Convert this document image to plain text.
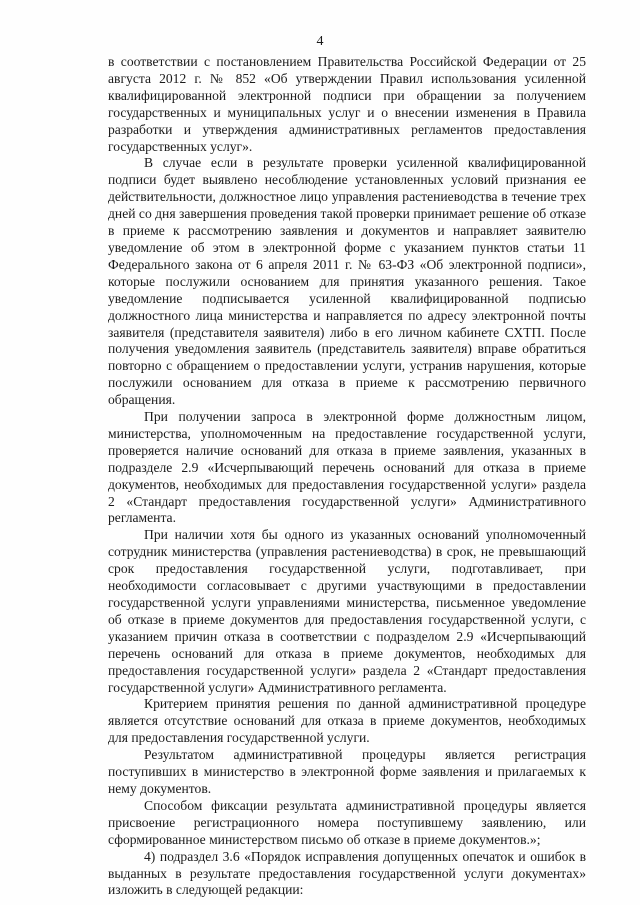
4

в соответствии с постановлением Правительства Российской Федерации от 25 августа 2012 г. № 852 «Об утверждении Правил использования усиленной квалифицированной электронной подписи при обращении за получением государственных и муниципальных услуг и о внесении изменения в Правила разработки и утверждения административных регламентов предоставления государственных услуг».

В случае если в результате проверки усиленной квалифицированной подписи будет выявлено несоблюдение установленных условий признания ее действительности, должностное лицо управления растениеводства в течение трех дней со дня завершения проведения такой проверки принимает решение об отказе в приеме к рассмотрению заявления и документов и направляет заявителю уведомление об этом в электронной форме с указанием пунктов статьи 11 Федерального закона от 6 апреля 2011 г. № 63-ФЗ «Об электронной подписи», которые послужили основанием для принятия указанного решения. Такое уведомление подписывается усиленной квалифицированной подписью должностного лица министерства и направляется по адресу электронной почты заявителя (представителя заявителя) либо в его личном кабинете СХТП. После получения уведомления заявитель (представитель заявителя) вправе обратиться повторно с обращением о предоставлении услуги, устранив нарушения, которые послужили основанием для отказа в приеме к рассмотрению первичного обращения.

При получении запроса в электронной форме должностным лицом, министерства, уполномоченным на предоставление государственной услуги, проверяется наличие оснований для отказа в приеме заявления, указанных в подразделе 2.9 «Исчерпывающий перечень оснований для отказа в приеме документов, необходимых для предоставления государственной услуги» раздела 2 «Стандарт предоставления государственной услуги» Административного регламента.

При наличии хотя бы одного из указанных оснований уполномоченный сотрудник министерства (управления растениеводства) в срок, не превышающий срок предоставления государственной услуги, подготавливает, при необходимости согласовывает с другими участвующими в предоставлении государственной услуги управлениями министерства, письменное уведомление об отказе в приеме документов для предоставления государственной услуги, с указанием причин отказа в соответствии с подразделом 2.9 «Исчерпывающий перечень оснований для отказа в приеме документов, необходимых для предоставления государственной услуги» раздела 2 «Стандарт предоставления государственной услуги» Административного регламента.

Критерием принятия решения по данной административной процедуре является отсутствие оснований для отказа в приеме документов, необходимых для предоставления государственной услуги.

Результатом административной процедуры является регистрация поступивших в министерство в электронной форме заявления и прилагаемых к нему документов.

Способом фиксации результата административной процедуры является присвоение регистрационного номера поступившему заявлению, или сформированное министерством письмо об отказе в приеме документов.»;

4) подраздел 3.6 «Порядок исправления допущенных опечаток и ошибок в выданных в результате предоставления государственной услуги документах» изложить в следующей редакции:
